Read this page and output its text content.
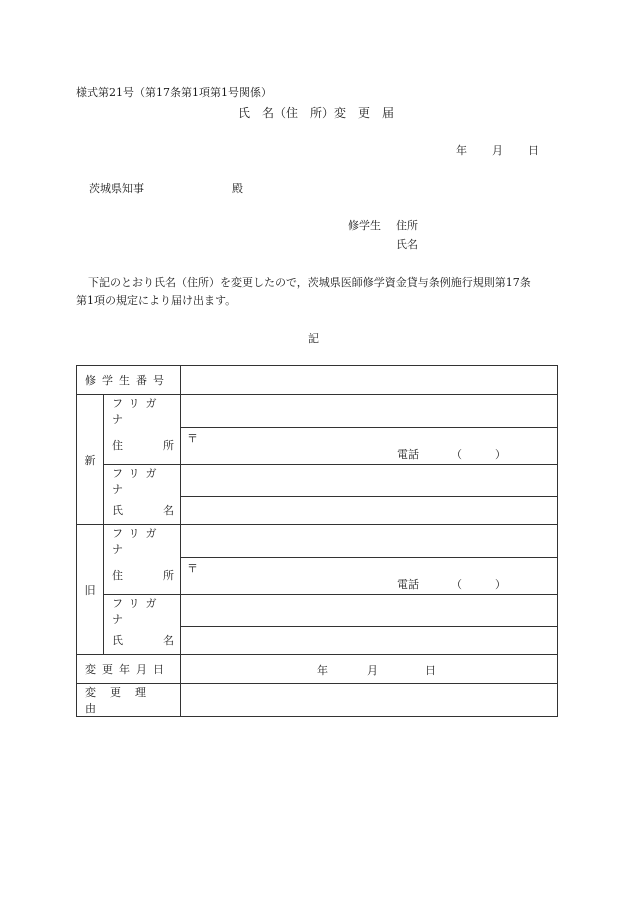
様式第21号（第17条第1項第1号関係）
氏　名（住　所）変　更　届
年 月 日
茨城県知事	殿
修学生 住所
氏名
下記のとおり氏名（住所）を変更したので，茨城県医師修学資金貸与条例施行規則第17条
第1項の規定により届け出ます。
記
修学生番号		
新	フリガナ	

	住 所	〒
電話 （ ）

	フリガナ	

	氏 名	

旧	フリガナ	

	住 所	〒
電話 （ ）

	フリガナ	

	氏 名	

変更年月日		年 月 日

変更理由		
